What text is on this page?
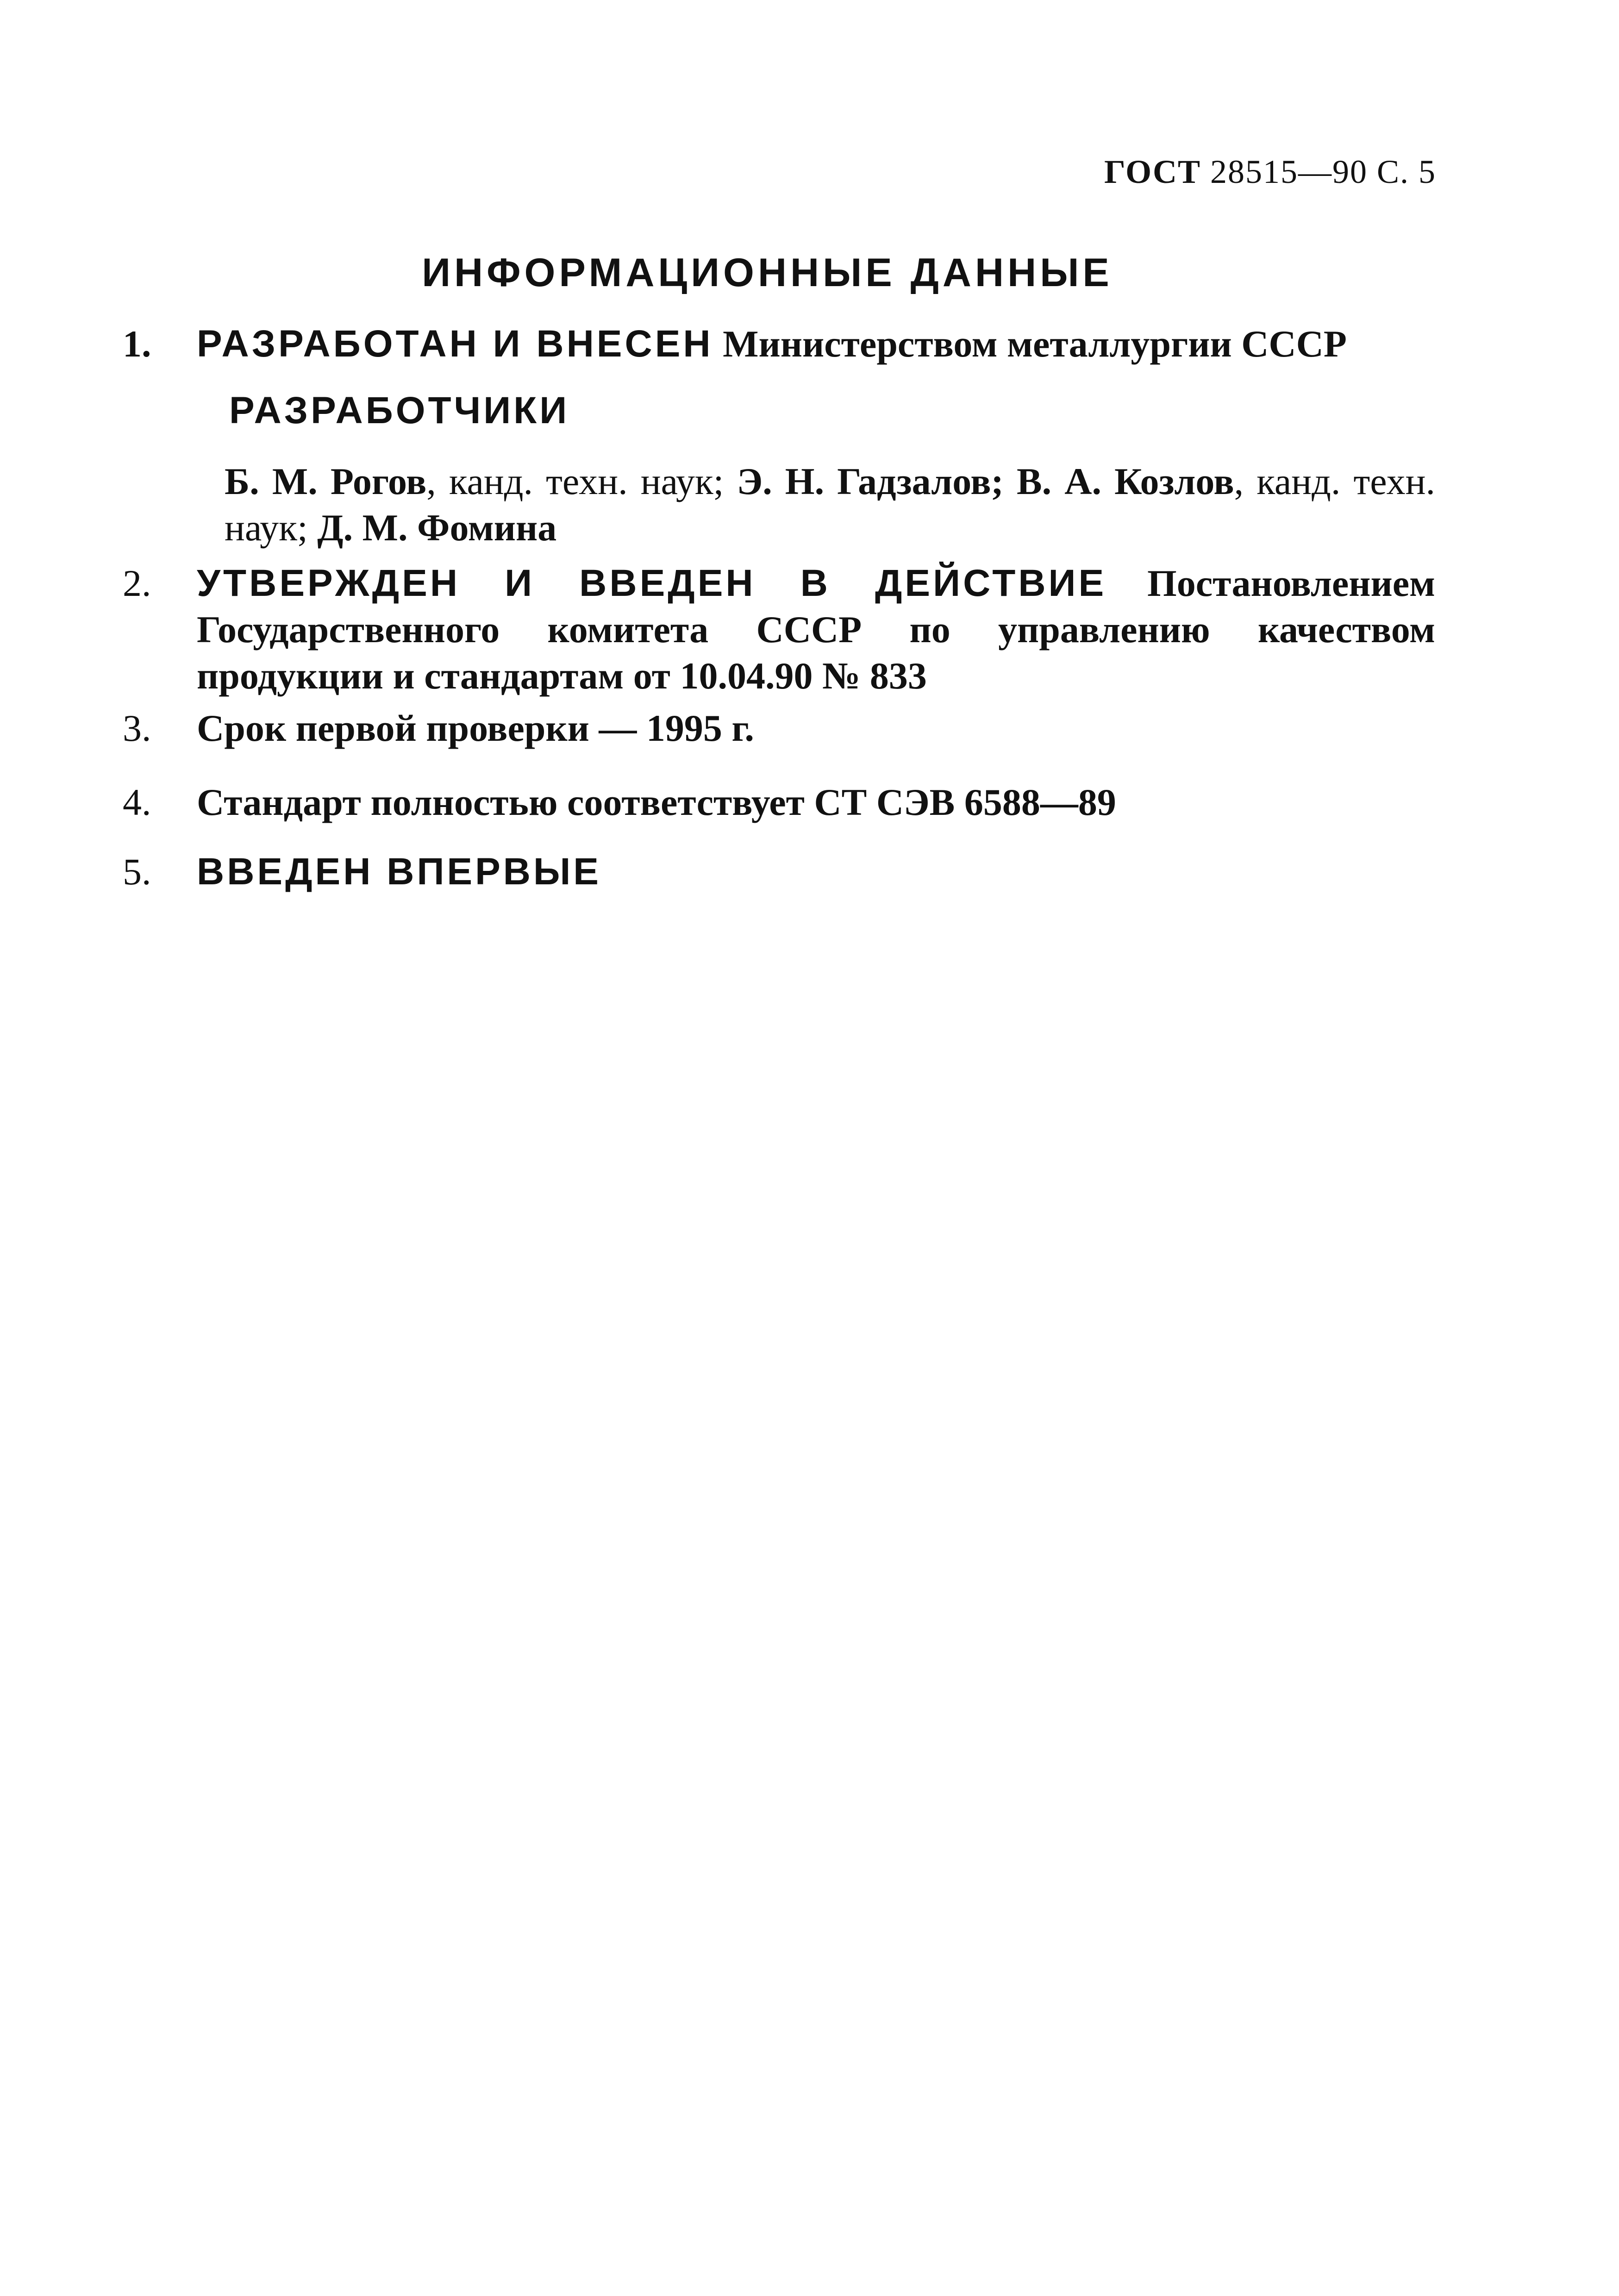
ГОСТ 28515—90 С. 5
ИНФОРМАЦИОННЫЕ ДАННЫЕ
1.	РАЗРАБОТАН И ВНЕСЕН Министерством металлургии СССР
РАЗРАБОТЧИКИ
Б. М. Рогов, канд. техн. наук; Э. Н. Гадзалов; В. А. Козлов, канд. техн. наук; Д. М. Фомина
2.	УТВЕРЖДЕН И ВВЕДЕН В ДЕЙСТВИЕ Постановлением Государственного комитета СССР по управлению качеством продукции и стандартам от 10.04.90 № 833
3.	Срок первой проверки — 1995 г.
4.	Стандарт полностью соответствует СТ СЭВ 6588—89
5.	ВВЕДЕН ВПЕРВЫЕ
